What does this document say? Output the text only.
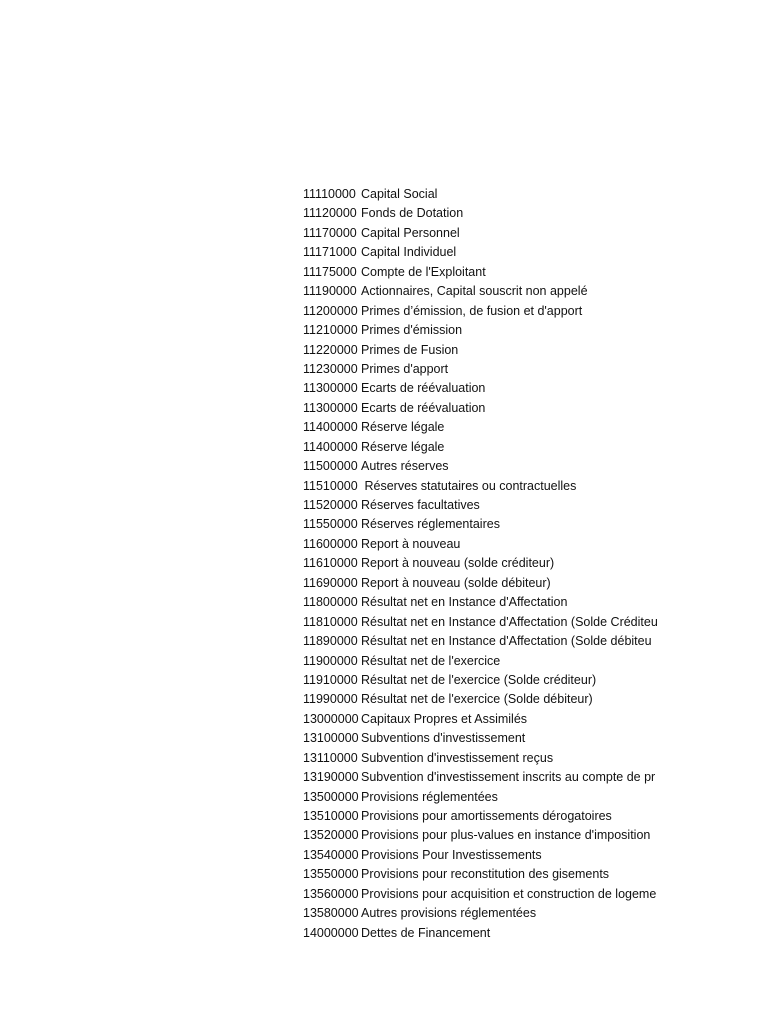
11110000 Capital Social
11120000 Fonds de Dotation
11170000 Capital Personnel
11171000 Capital Individuel
11175000 Compte de l'Exploitant
11190000 Actionnaires, Capital souscrit non appelé
11200000 Primes d’émission, de fusion et d'apport
11210000 Primes d'émission
11220000 Primes de Fusion
11230000 Primes d'apport
11300000 Ecarts de réévaluation
11300000 Ecarts de réévaluation
11400000 Réserve légale
11400000 Réserve légale
11500000 Autres réserves
11510000 Réserves statutaires ou contractuelles
11520000 Réserves facultatives
11550000 Réserves réglementaires
11600000 Report à nouveau
11610000 Report à nouveau (solde créditeur)
11690000 Report à nouveau (solde débiteur)
11800000 Résultat net en Instance d'Affectation
11810000 Résultat net en Instance d'Affectation (Solde Créditeu
11890000 Résultat net en Instance d'Affectation (Solde débiteu
11900000 Résultat net de l'exercice
11910000 Résultat net de l'exercice (Solde créditeur)
11990000 Résultat net de l'exercice (Solde débiteur)
13000000 Capitaux Propres et Assimilés
13100000 Subventions d'investissement
13110000 Subvention d'investissement reçus
13190000 Subvention d'investissement inscrits au compte de pr
13500000 Provisions réglementées
13510000 Provisions pour amortissements dérogatoires
13520000 Provisions pour plus-values en instance d'imposition
13540000 Provisions Pour Investissements
13550000 Provisions pour reconstitution des gisements
13560000 Provisions pour acquisition et construction de logeme
13580000 Autres provisions réglementées
14000000 Dettes de Financement
